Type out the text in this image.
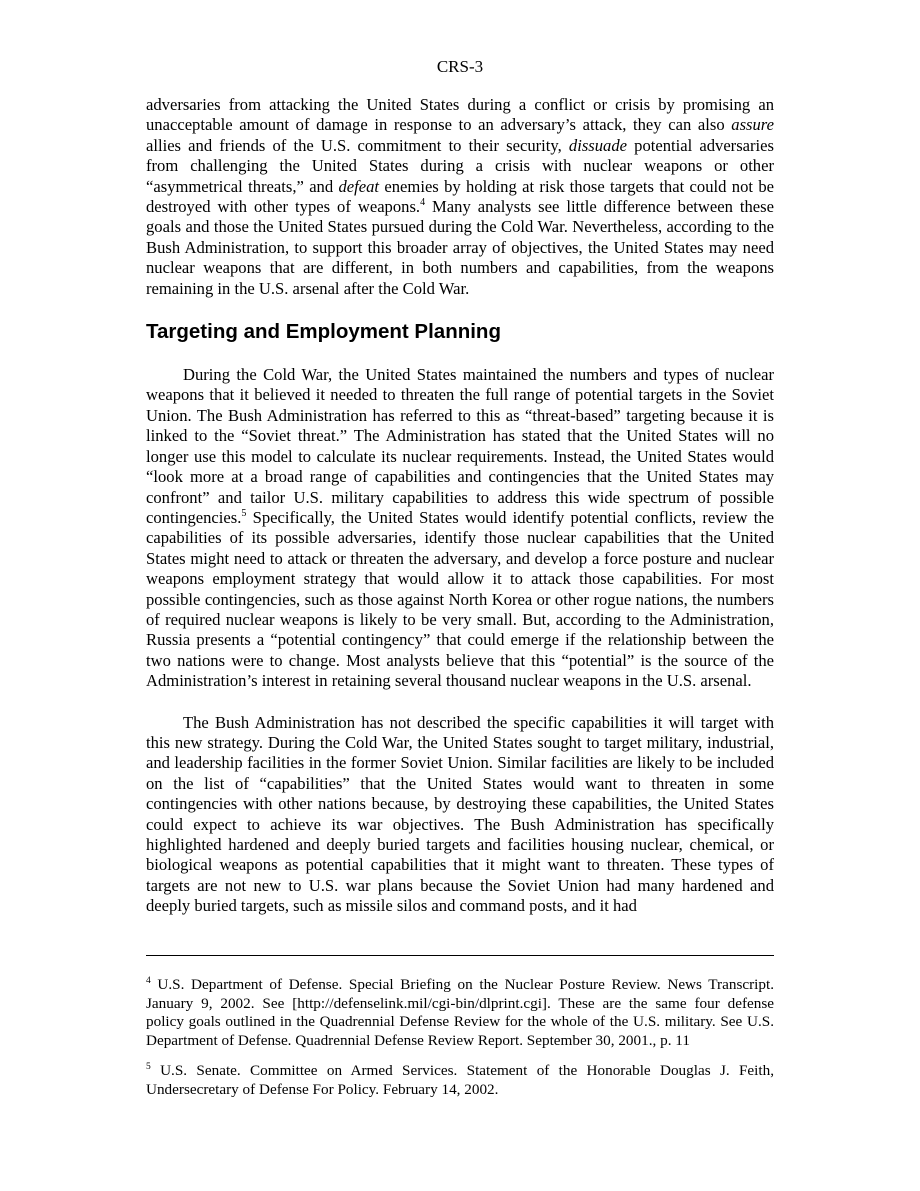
CRS-3

adversaries from attacking the United States during a conflict or crisis by promising an unacceptable amount of damage in response to an adversary’s attack, they can also assure allies and friends of the U.S. commitment to their security, dissuade potential adversaries from challenging the United States during a crisis with nuclear weapons or other “asymmetrical threats,” and defeat enemies by holding at risk those targets that could not be destroyed with other types of weapons.$^4$ Many analysts see little difference between these goals and those the United States pursued during the Cold War. Nevertheless, according to the Bush Administration, to support this broader array of objectives, the United States may need nuclear weapons that are different, in both numbers and capabilities, from the weapons remaining in the U.S. arsenal after the Cold War.

Targeting and Employment Planning

During the Cold War, the United States maintained the numbers and types of nuclear weapons that it believed it needed to threaten the full range of potential targets in the Soviet Union. The Bush Administration has referred to this as “threat-based” targeting because it is linked to the “Soviet threat.” The Administration has stated that the United States will no longer use this model to calculate its nuclear requirements. Instead, the United States would “look more at a broad range of capabilities and contingencies that the United States may confront” and tailor U.S. military capabilities to address this wide spectrum of possible contingencies.$^5$ Specifically, the United States would identify potential conflicts, review the capabilities of its possible adversaries, identify those nuclear capabilities that the United States might need to attack or threaten the adversary, and develop a force posture and nuclear weapons employment strategy that would allow it to attack those capabilities. For most possible contingencies, such as those against North Korea or other rogue nations, the numbers of required nuclear weapons is likely to be very small. But, according to the Administration, Russia presents a “potential contingency” that could emerge if the relationship between the two nations were to change. Most analysts believe that this “potential” is the source of the Administration’s interest in retaining several thousand nuclear weapons in the U.S. arsenal.

The Bush Administration has not described the specific capabilities it will target with this new strategy. During the Cold War, the United States sought to target military, industrial, and leadership facilities in the former Soviet Union. Similar facilities are likely to be included on the list of “capabilities” that the United States would want to threaten in some contingencies with other nations because, by destroying these capabilities, the United States could expect to achieve its war objectives. The Bush Administration has specifically highlighted hardened and deeply buried targets and facilities housing nuclear, chemical, or biological weapons as potential capabilities that it might want to threaten. These types of targets are not new to U.S. war plans because the Soviet Union had many hardened and deeply buried targets, such as missile silos and command posts, and it had

$^4$ U.S. Department of Defense. Special Briefing on the Nuclear Posture Review. News Transcript. January 9, 2002. See [http://defenselink.mil/cgi-bin/dlprint.cgi]. These are the same four defense policy goals outlined in the Quadrennial Defense Review for the whole of the U.S. military. See U.S. Department of Defense. Quadrennial Defense Review Report. September 30, 2001., p. 11

$^5$ U.S. Senate. Committee on Armed Services. Statement of the Honorable Douglas J. Feith, Undersecretary of Defense For Policy. February 14, 2002.
